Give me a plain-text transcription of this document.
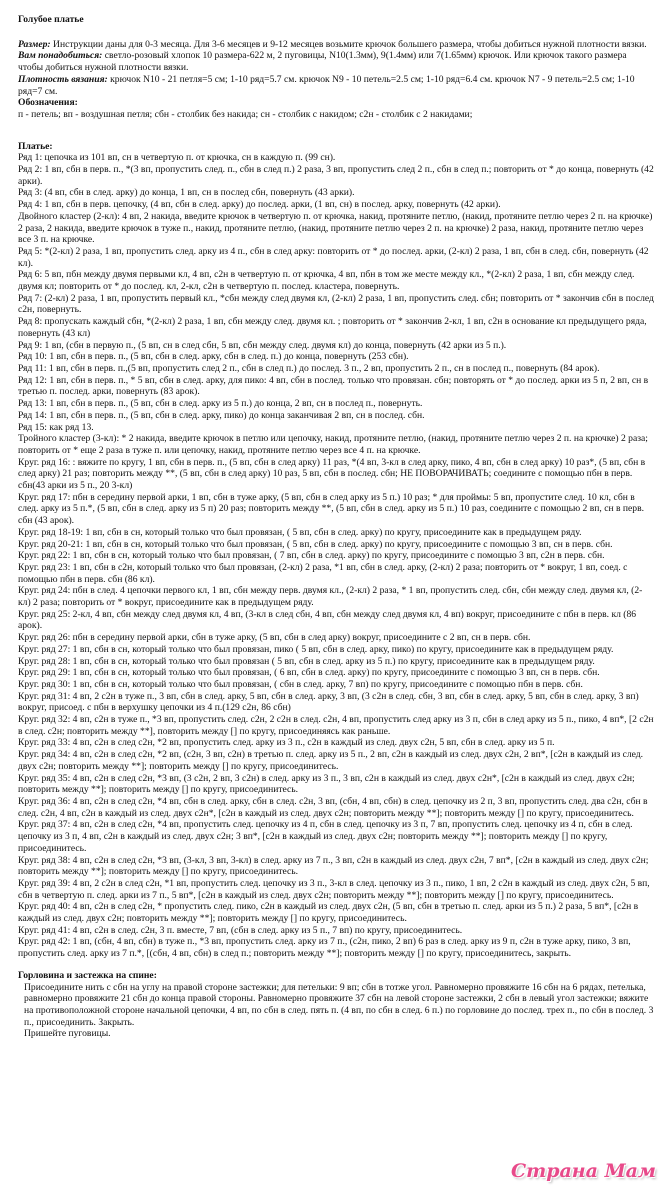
Голубое платье
Размер: Инструкции даны для 0-3 месяца. Для 3-6 месяцев и 9-12 месяцев возьмите крючок большего размера, чтобы добиться нужной плотности вязки.
Вам понадобиться: светло-розовый хлопок 10 размера-622 м, 2 пуговицы, N10(1.3мм), 9(1.4мм) или 7(1.65мм) крючок. Или крючок такого размера чтобы добиться нужной плотности вязки.
Плотность вязания: крючок N10 - 21 петля=5 см; 1-10 ряд=5.7 см. крючок N9 - 10 петель=2.5 см; 1-10 ряд=6.4 см. крючок N7 - 9 петель=2.5 см; 1-10 ряд=7 см.
Обозначения:
п - петель; вп - воздушная петля; сбн - столбик без накида; сн - столбик с накидом; с2н - столбик с 2 накидами;
Платье:
Ряд 1: цепочка из 101 вп, сн в четвертую п. от крючка, сн в каждую п. (99 сн).
Ряд 2: 1 вп, сбн в перв. п., *(3 вп, пропустить след. п., сбн в след п.) 2 раза, 3 вп, пропустить след 2 п., сбн в след п.; повторить от * до конца, повернуть (42 арки).
Ряд 3: (4 вп, сбн в след. арку) до конца, 1 вп, сн в послед сбн, повернуть (43 арки).
Ряд 4: 1 вп, сбн в перв. цепочку, (4 вп, сбн в след. арку) до послед. арки, (1 вп, сн) в послед. арку, повернуть (42 арки).
Двойного кластер (2-кл): 4 вп, 2 накида, введите крючок в четвертую п. от крючка, накид, протяните петлю, (накид, протяните петлю через 2 п. на крючке) 2 раза, 2 накида, введите крючок в туже п., накид, протяните петлю, (накид, протяните петлю через 2 п. на крючке) 2 раза, накид, протяните петлю через все 3 п. на крючке.
Ряд 5: *(2-кл) 2 раза, 1 вп, пропустить след. арку из 4 п., сбн в след арку: повторить от * до послед. арки, (2-кл) 2 раза, 1 вп, сбн в след. сбн, повернуть (42 кл).
Ряд 6: 5 вп, пбн между двумя первыми кл, 4 вп, с2н в четвертую п. от крючка, 4 вп, пбн в том же месте между кл., *(2-кл) 2 раза, 1 вп, сбн между след. двумя кл; повторить от * до послед. кл, 2-кл, с2н в четвертую п. послед. кластера, повернуть.
Ряд 7: (2-кл) 2 раза, 1 вп, пропустить первый кл., *сбн между след двумя кл, (2-кл) 2 раза, 1 вп, пропустить след. сбн; повторить от * закончив сбн в послед с2н, повернуть.
Ряд 8: пропускать каждый сбн, *(2-кл) 2 раза, 1 вп, сбн между след. двумя кл. ; повторить от * закончив 2-кл, 1 вп, с2н в основание кл предыдущего ряда, повернуть (43 кл)
Ряд 9: 1 вп, (сбн в первую п., (5 вп, сн в след сбн, 5 вп, сбн между след. двумя кл) до конца, повернуть (42 арки из 5 п.).
Ряд 10: 1 вп, сбн в перв. п., (5 вп, сбн в след. арку, сбн в след. п.) до конца, повернуть (253 сбн).
Ряд 11: 1 вп, сбн в перв. п.,(5 вп, пропустить след 2 п., сбн в след п.) до послед. 3 п., 2 вп, пропустить 2 п., сн в послед п., повернуть (84 арок).
Ряд 12: 1 вп, сбн в перв. п., * 5 вп, сбн в след. арку, для пико: 4 вп, сбн в послед. только что провязан. сбн; повторять от * до послед. арки из 5 п, 2 вп, сн в третью п. послед. арки, повернуть (83 арок).
Ряд 13: 1 вп, сбн в перв. п., (5 вп, сбн в след. арку из 5 п.) до конца, 2 вп, сн в послед п., повернуть.
Ряд 14: 1 вп, сбн в перв. п., (5 вп, сбн в след. арку, пико) до конца заканчивая 2 вп, сн в послед. сбн.
Ряд 15: как ряд 13.
Тройного кластер (3-кл): * 2 накида, введите крючок в петлю или цепочку, накид, протяните петлю, (накид, протяните петлю через 2 п. на крючке) 2 раза; повторить от * еще 2 раза в туже п. или цепочку, накид, протяните петлю через все 4 п. на крючке.
Круг. ряд 16: : вяжите по кругу, 1 вп, сбн в перв. п., (5 вп, сбн в след арку) 11 раз, *(4 вп, 3-кл в след арку, пико, 4 вп, сбн в след арку) 10 раз*, (5 вп, сбн в след арку) 21 раз; повторить между **, (5 вп, сбн в след арку) 10 раз, 5 вп, сбн в послед. сбн; НЕ ПОВОРАЧИВАТЬ; соедините с помощью пбн в перв. сбн(43 арки из 5 п., 20 3-кл)
Круг. ряд 17: пбн в середину первой арки, 1 вп, сбн в туже арку, (5 вп, сбн в след арку из 5 п.) 10 раз; * для проймы: 5 вп, пропустите след. 10 кл, сбн в след. арку из 5 п.*, (5 вп, сбн в след. арку из 5 п) 20 раз; повторить между **, (5 вп, сбн в след. арку из 5 п.) 10 раз, соедините с помощью 2 вп, сн в перв. сбн (43 арок).
Круг. ряд 18-19: 1 вп, сбн в сн, который только что был провязан, ( 5 вп, сбн в след. арку) по кругу, присоедините как в предыдущем ряду.
Круг. ряд 20-21: 1 вп, сбн в сн, который только что был провязан, ( 5 вп, сбн в след. арку) по кругу, присоедините с помощью 3 вп, сн в перв. сбн.
Круг. ряд 22: 1 вп, сбн в сн, который только что был провязан, ( 7 вп, сбн в след. арку) по кругу, присоедините с помощью 3 вп, с2н в перв. сбн.
Круг. ряд 23: 1 вп, сбн в с2н, который только что был провязан, (2-кл) 2 раза, *1 вп, сбн в след. арку, (2-кл) 2 раза; повторить от * вокруг, 1 вп, соед. с помощью пбн в перв. сбн (86 кл).
Круг. ряд 24: пбн в след. 4 цепочки первого кл, 1 вп, сбн между перв. двумя кл., (2-кл) 2 раза, * 1 вп, пропустить след. сбн, сбн между след. двумя кл, (2-кл) 2 раза; повторить от * вокруг, присоедините как в предыдущем ряду.
Круг. ряд 25: 2-кл, 4 вп, сбн между след двумя кл, 4 вп, (3-кл в след сбн, 4 вп, сбн между след двумя кл, 4 вп) вокруг, присоедините с пбн в перв. кл (86 арок).
Круг. ряд 26: пбн в середину первой арки, сбн в туже арку, (5 вп, сбн в след арку) вокруг, присоедините с 2 вп, сн в перв. сбн.
Круг. ряд 27: 1 вп, сбн в сн, который только что был провязан, пико ( 5 вп, сбн в след. арку, пико) по кругу, присоедините как в предыдущем ряду.
Круг. ряд 28: 1 вп, сбн в сн, который только что был провязан ( 5 вп, сбн в след. арку из 5 п.) по кругу, присоедините как в предыдущем ряду.
Круг. ряд 29: 1 вп, сбн в сн, который только что был провязан, ( 6 вп, сбн в след. арку) по кругу, присоедините с помощью 3 вп, сн в перв. сбн.
Круг. ряд 30: 1 вп, сбн в сн, который только что был провязан, ( сбн в след. арку, 7 вп) по кругу, присоедините с помощью пбн в перв. сбн.
Круг. ряд 31: 4 вп, 2 с2н в туже п., 3 вп, сбн в след. арку, 5 вп, сбн в след. арку, 3 вп, (3 с2н в след. сбн, 3 вп, сбн в след. арку, 5 вп, сбн в след. арку, 3 вп) вокруг, присоед. с пбн в верхушку цепочки из 4 п.(129 с2н, 86 сбн)
Круг. ряд 32: 4 вп, с2н в туже п., *3 вп, пропустить след. с2н, 2 с2н в след. с2н, 4 вп, пропустить след арку из 3 п, сбн в след арку из 5 п., пико, 4 вп*, [2 с2н в след. с2н; повторить между **], повторить между [] по кругу, присоединяясь как раньше.
Круг. ряд 33: 4 вп, с2н в след с2н, *2 вп, пропустить след. арку из 3 п., с2н в каждый из след. двух с2н, 5 вп, сбн в след. арку из 5 п.
Круг. ряд 34: 4 вп, с2н в след с2н, *2 вп, (с2н, 3 вп, с2н) в третью п. след. арку из 5 п., 2 вп, с2н в каждый из след. двух с2н, 2 вп*, [с2н в каждый из след. двух с2н; повторить между **]; повторить между [] по кругу, присоединитесь.
Круг. ряд 35: 4 вп, с2н в след с2н, *3 вп, (3 с2н, 2 вп, 3 с2н) в след. арку из 3 п., 3 вп, с2н в каждый из след. двух с2н*, [с2н в каждый из след. двух с2н; повторить между **]; повторить между [] по кругу, присоединитесь.
Круг. ряд 36: 4 вп, с2н в след с2н, *4 вп, сбн в след. арку, сбн в след. с2н, 3 вп, (сбн, 4 вп, сбн) в след. цепочку из 2 п, 3 вп, пропустить след. два с2н, сбн в след. с2н, 4 вп, с2н в каждый из след. двух с2н*, [с2н в каждый из след. двух с2н; повторить между **]; повторить между [] по кругу, присоединитесь.
Круг. ряд 37: 4 вп, с2н в след с2н, *4 вп, пропустить след. цепочку из 4 п, сбн в след. цепочку из 3 п, 7 вп, пропустить след. цепочку из 4 п, сбн в след. цепочку из 3 п, 4 вп, с2н в каждый из след. двух с2н; 3 вп*, [с2н в каждый из след. двух с2н; повторить между **]; повторить между [] по кругу, присоединитесь.
Круг. ряд 38: 4 вп, с2н в след с2н, *3 вп, (3-кл, 3 вп, 3-кл) в след. арку из 7 п., 3 вп, с2н в каждый из след. двух с2н, 7 вп*, [с2н в каждый из след. двух с2н; повторить между **]; повторить между [] по кругу, присоединитесь.
Круг. ряд 39: 4 вп, 2 с2н в след с2н, *1 вп, пропустить след. цепочку из 3 п., 3-кл в след. цепочку из 3 п., пико, 1 вп, 2 с2н в каждый из след. двух с2н, 5 вп, сбн в четвертую п. след. арки из 7 п., 5 вп*, [с2н в каждый из след. двух с2н; повторить между **]; повторить между [] по кругу, присоединитесь.
Круг. ряд 40: 4 вп, с2н в след с2н, * пропустить след. пико, с2н в каждый из след. двух с2н, (5 вп, сбн в третью п. след. арки из 5 п.) 2 раза, 5 вп*, [с2н в каждый из след. двух с2н; повторить между **]; повторить между [] по кругу, присоединитесь.
Круг. ряд 41: 4 вп, с2н в след. с2н, 3 п. вместе, 7 вп, (сбн в след. арку из 5 п., 7 вп) по кругу, присоединитесь.
Круг. ряд 42: 1 вп, (сбн, 4 вп, сбн) в туже п., *3 вп, пропустить след. арку из 7 п., (с2н, пико, 2 вп) 6 раз в след. арку из 9 п, с2н в туже арку, пико, 3 вп, пропустить след. арку из 7 п.*, [(сбн, 4 вп, сбн) в след п.; повторить между **]; повторить между [] по кругу, присоединитесь, закрыть.
Горловина и застежка на спине:
Присоедините нить с сбн на углу на правой стороне застежки; для петельки: 9 вп; сбн в тотже угол. Равномерно провяжите 16 сбн на 6 рядах, петелька, равномерно провяжите 21 сбн до конца правой стороны. Равномерно провяжите 37 сбн на левой стороне застежки, 2 сбн в левый угол застежки; вяжите на противоположной стороне начальной цепочки, 4 вп, по сбн в след. пять п. (4 вп, по сбн в след. 6 п.) по горловине до послед. трех п., по сбн в послед. 3 п., присоединить. Закрыть.
Пришейте пуговицы.
Страна Мам
